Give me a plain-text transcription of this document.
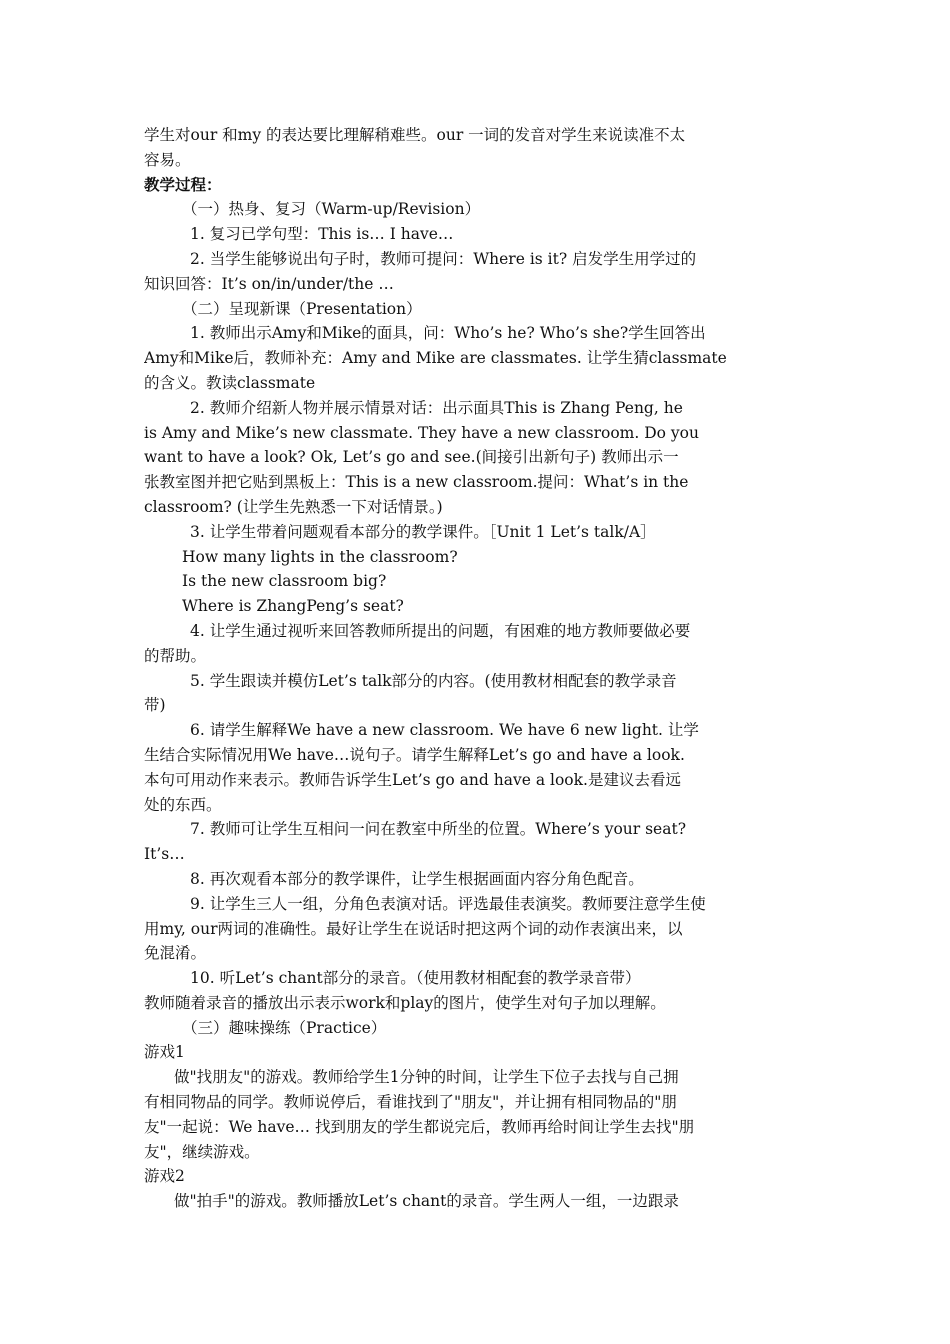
学生对our 和my 的表达要比理解稍难些。our 一词的发音对学生来说读准不太
容易。
教学过程：
（一）热身、复习（Warm-up/Revision）
1. 复习已学句型：This is… I have…
2. 当学生能够说出句子时，教师可提问：Where is it? 启发学生用学过的
知识回答：It’s on/in/under/the …
（二）呈现新课（Presentation）
1. 教师出示Amy和Mike的面具，问：Who’s he? Who’s she?学生回答出
Amy和Mike后，教师补充：Amy and Mike are classmates. 让学生猜classmate
的含义。教读classmate
2. 教师介绍新人物并展示情景对话：出示面具This is Zhang Peng, he
is Amy and Mike’s new classmate. They have a new classroom. Do you
want to have a look? Ok, Let’s go and see.(间接引出新句子) 教师出示一
张教室图并把它贴到黑板上：This is a new classroom.提问：What’s in the
classroom? (让学生先熟悉一下对话情景。)
3. 让学生带着问题观看本部分的教学课件。［Unit 1 Let’s talk/A］
How many lights in the classroom?
Is the new classroom big?
Where is ZhangPeng’s seat?
4. 让学生通过视听来回答教师所提出的问题，有困难的地方教师要做必要
的帮助。
5. 学生跟读并模仿Let’s talk部分的内容。(使用教材相配套的教学录音
带)
6. 请学生解释We have a new classroom. We have 6 new light. 让学
生结合实际情况用We have…说句子。请学生解释Let’s go and have a look.
本句可用动作来表示。教师告诉学生Let’s go and have a look.是建议去看远
处的东西。
7. 教师可让学生互相问一问在教室中所坐的位置。Where’s your seat?
It’s…
8. 再次观看本部分的教学课件，让学生根据画面内容分角色配音。
9. 让学生三人一组，分角色表演对话。评选最佳表演奖。教师要注意学生使
用my, our两词的准确性。最好让学生在说话时把这两个词的动作表演出来，以
免混淆。
10. 听Let’s chant部分的录音。（使用教材相配套的教学录音带）
教师随着录音的播放出示表示work和play的图片，使学生对句子加以理解。
（三）趣味操练（Practice）
游戏1
做"找朋友"的游戏。教师给学生1分钟的时间，让学生下位子去找与自己拥
有相同物品的同学。教师说停后，看谁找到了"朋友"，并让拥有相同物品的"朋
友"一起说：We have… 找到朋友的学生都说完后，教师再给时间让学生去找"朋
友"，继续游戏。
游戏2
做"拍手"的游戏。教师播放Let’s chant的录音。学生两人一组，一边跟录
